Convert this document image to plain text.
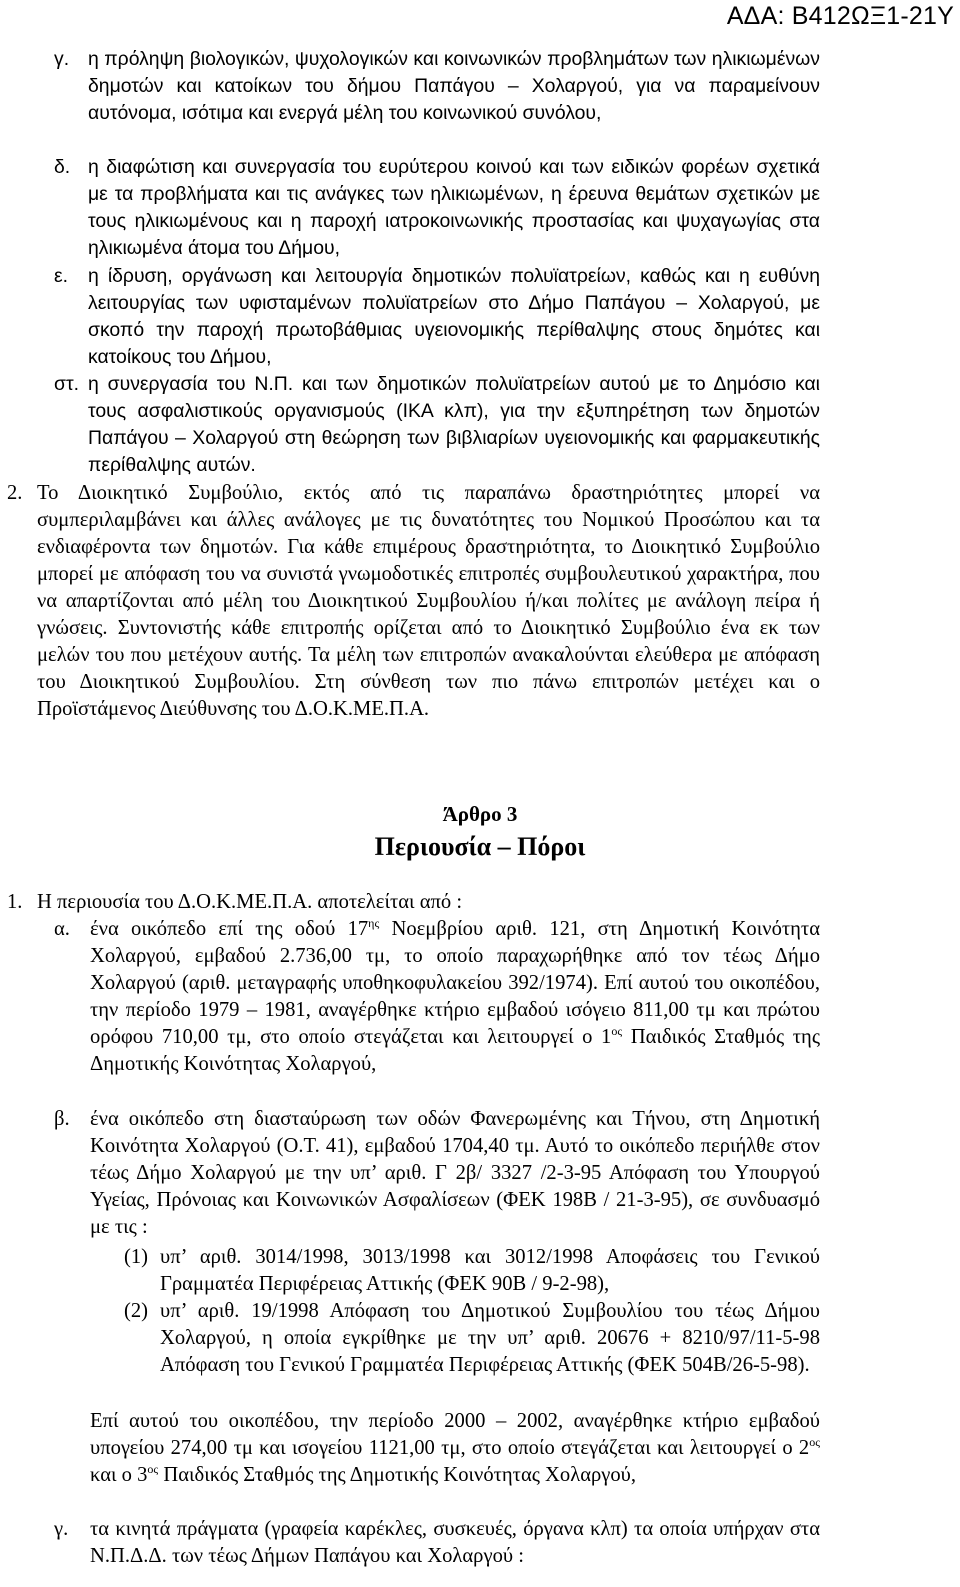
ΑΔΑ: Β412ΩΞ1-21Υ
γ. η πρόληψη βιολογικών, ψυχολογικών και κοινωνικών προβλημάτων των ηλικιωμένων δημοτών και κατοίκων του δήμου Παπάγου – Χολαργού, για να παραμείνουν αυτόνομα, ισότιμα και ενεργά μέλη του κοινωνικού συνόλου,
δ. η διαφώτιση και συνεργασία του ευρύτερου κοινού και των ειδικών φορέων σχετικά με τα προβλήματα και τις ανάγκες των ηλικιωμένων, η έρευνα θεμάτων σχετικών με τους ηλικιωμένους και η παροχή ιατροκοινωνικής προστασίας και ψυχαγωγίας στα ηλικιωμένα άτομα του Δήμου,
ε. η ίδρυση, οργάνωση και λειτουργία δημοτικών πολυϊατρείων, καθώς και η ευθύνη λειτουργίας των υφισταμένων πολυϊατρείων στο Δήμο Παπάγου – Χολαργού, με σκοπό την παροχή πρωτοβάθμιας υγειονομικής περίθαλψης στους δημότες και κατοίκους του Δήμου,
στ. η συνεργασία του Ν.Π. και των δημοτικών πολυϊατρείων αυτού με το Δημόσιο και τους ασφαλιστικούς οργανισμούς (ΙΚΑ κλπ), για την εξυπηρέτηση των δημοτών Παπάγου – Χολαργού στη θεώρηση των βιβλιαρίων υγειονομικής και φαρμακευτικής περίθαλψης αυτών.
2. Το Διοικητικό Συμβούλιο, εκτός από τις παραπάνω δραστηριότητες μπορεί να συμπεριλαμβάνει και άλλες ανάλογες με τις δυνατότητες του Νομικού Προσώπου και τα ενδιαφέροντα των δημοτών. Για κάθε επιμέρους δραστηριότητα, το Διοικητικό Συμβούλιο μπορεί με απόφαση του να συνιστά γνωμοδοτικές επιτροπές συμβουλευτικού χαρακτήρα, που να απαρτίζονται από μέλη του Διοικητικού Συμβουλίου ή/και πολίτες με ανάλογη πείρα ή γνώσεις. Συντονιστής κάθε επιτροπής ορίζεται από το Διοικητικό Συμβούλιο ένα εκ των μελών του που μετέχουν αυτής. Τα μέλη των επιτροπών ανακαλούνται ελεύθερα με απόφαση του Διοικητικού Συμβουλίου. Στη σύνθεση των πιο πάνω επιτροπών μετέχει και ο Προϊστάμενος Διεύθυνσης του Δ.Ο.Κ.ΜΕ.Π.Α.
Άρθρο 3
Περιουσία – Πόροι
1. Η περιουσία του Δ.Ο.Κ.ΜΕ.Π.Α. αποτελείται από :
α. ένα οικόπεδο επί της οδού $17^{\eta\varsigma}$ Νοεμβρίου αριθ. 121, στη Δημοτική Κοινότητα Χολαργού, εμβαδού 2.736,00 τμ, το οποίο παραχωρήθηκε από τον τέως Δήμο Χολαργού (αριθ. μεταγραφής υποθηκοφυλακείου 392/1974). Επί αυτού του οικοπέδου, την περίοδο 1979 – 1981, αναγέρθηκε κτήριο εμβαδού ισόγειο 811,00 τμ και πρώτου ορόφου 710,00 τμ, στο οποίο στεγάζεται και λειτουργεί ο $1^{o\varsigma}$ Παιδικός Σταθμός της Δημοτικής Κοινότητας Χολαργού,
β. ένα οικόπεδο στη διασταύρωση των οδών Φανερωμένης και Τήνου, στη Δημοτική Κοινότητα Χολαργού (Ο.Τ. 41), εμβαδού 1704,40 τμ. Αυτό το οικόπεδο περιήλθε στον τέως Δήμο Χολαργού με την υπ’ αριθ. Γ 2β/ 3327 /2-3-95 Απόφαση του Υπουργού Υγείας, Πρόνοιας και Κοινωνικών Ασφαλίσεων (ΦΕΚ 198Β / 21-3-95), σε συνδυασμό με τις :
(1) υπ’ αριθ. 3014/1998, 3013/1998 και 3012/1998 Αποφάσεις του Γενικού Γραμματέα Περιφέρειας Αττικής (ΦΕΚ 90Β / 9-2-98),
(2) υπ’ αριθ. 19/1998 Απόφαση του Δημοτικού Συμβουλίου του τέως Δήμου Χολαργού, η οποία εγκρίθηκε με την υπ’ αριθ. 20676 + 8210/97/11-5-98 Απόφαση του Γενικού Γραμματέα Περιφέρειας Αττικής (ΦΕΚ 504Β/26-5-98).
Επί αυτού του οικοπέδου, την περίοδο 2000 – 2002, αναγέρθηκε κτήριο εμβαδού υπογείου 274,00 τμ και ισογείου 1121,00 τμ, στο οποίο στεγάζεται και λειτουργεί ο $2^{o\varsigma}$ και ο $3^{o\varsigma}$ Παιδικός Σταθμός της Δημοτικής Κοινότητας Χολαργού,
γ. τα κινητά πράγματα (γραφεία καρέκλες, συσκευές, όργανα κλπ) τα οποία υπήρχαν στα Ν.Π.Δ.Δ. των τέως Δήμων Παπάγου και Χολαργού :
